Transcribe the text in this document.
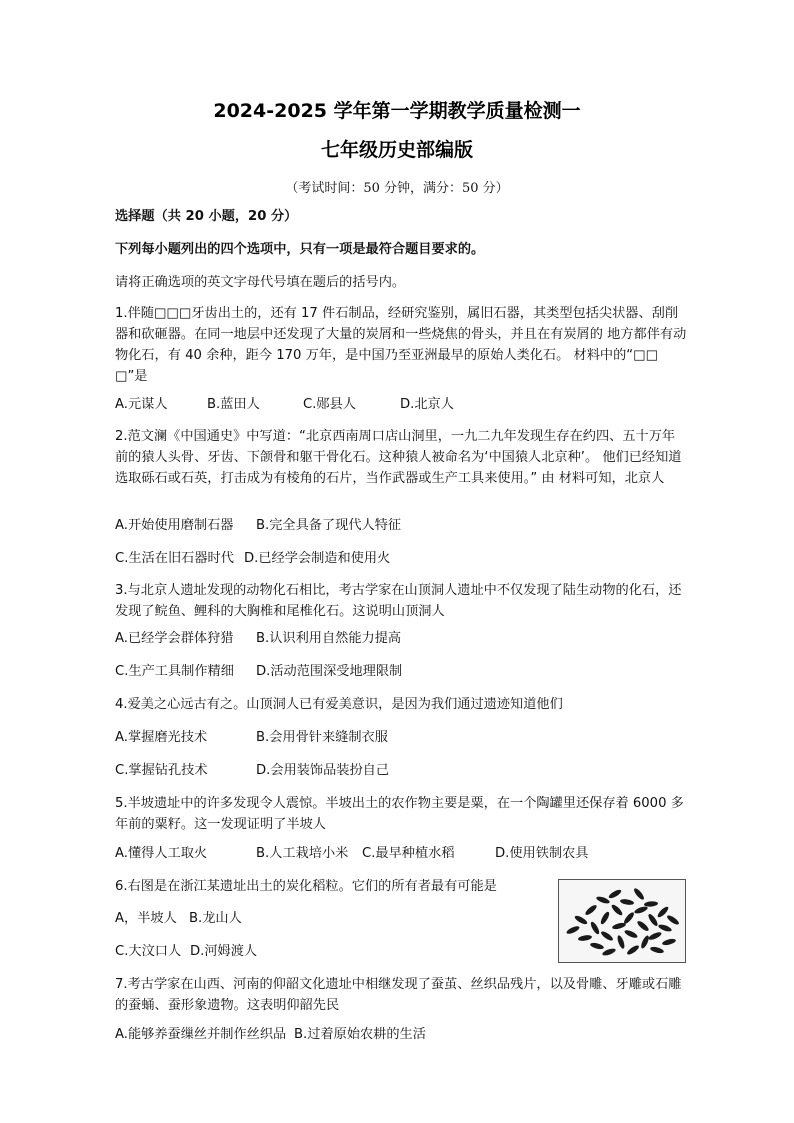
2024-2025 学年第一学期教学质量检测一
七年级历史部编版
（考试时间：50 分钟，满分：50 分）
选择题（共 20 小题，20 分）
下列每小题列出的四个选项中，只有一项是最符合题目要求的。
请将正确选项的英文字母代号填在题后的括号内。
1.伴随□□□牙齿出土的，还有 17 件石制品，经研究鉴别，属旧石器，其类型包括尖状器、刮削器和砍砸器。在同一地层中还发现了大量的炭屑和一些烧焦的骨头，并且在有炭屑的 地方都伴有动物化石，有 40 余种，距今 170 万年，是中国乃至亚洲最早的原始人类化石。 材料中的“□□□”是
A.元谋人	B.蓝田人	C.郧县人	D.北京人
2.范文澜《中国通史》中写道：“北京西南周口店山洞里，一九二九年发现生存在约四、五十万年前的猿人头骨、牙齿、下颌骨和躯干骨化石。这种猿人被命名为‘中国猿人北京种’。 他们已经知道选取砾石或石英，打击成为有棱角的石片，当作武器或生产工具来使用。” 由 材料可知，北京人
A.开始使用磨制石器 B.完全具备了现代人特征
C.生活在旧石器时代 D.已经学会制造和使用火
3.与北京人遗址发现的动物化石相比，考古学家在山顶洞人遗址中不仅发现了陆生动物的化石，还发现了鲩鱼、鲤科的大胸椎和尾椎化石。这说明山顶洞人
A.已经学会群体狩猎 B.认识利用自然能力提高
C.生产工具制作精细 D.活动范围深受地理限制
4.爱美之心远古有之。山顶洞人已有爱美意识，是因为我们通过遗迹知道他们
A.掌握磨光技术	B.会用骨针来缝制衣服
C.掌握钻孔技术	D.会用装饰品装扮自己
5.半坡遗址中的许多发现令人震惊。半坡出土的农作物主要是粟，在一个陶罐里还保存着 6000 多年前的粟籽。这一发现证明了半坡人
A.懂得人工取火	B.人工栽培小米 C.最早种植水稻	D.使用铁制农具
6.右图是在浙江某遗址出土的炭化稻粒。它们的所有者最有可能是
A，半坡人 B.龙山人
C.大汶口人 D.河姆渡人
7.考古学家在山西、河南的仰韶文化遗址中相继发现了蚕茧、丝织品残片，以及骨雕、牙雕或石雕的蚕蛹、蚕形象遗物。这表明仰韶先民
A.能够养蚕缫丝并制作丝织品 B.过着原始农耕的生活
